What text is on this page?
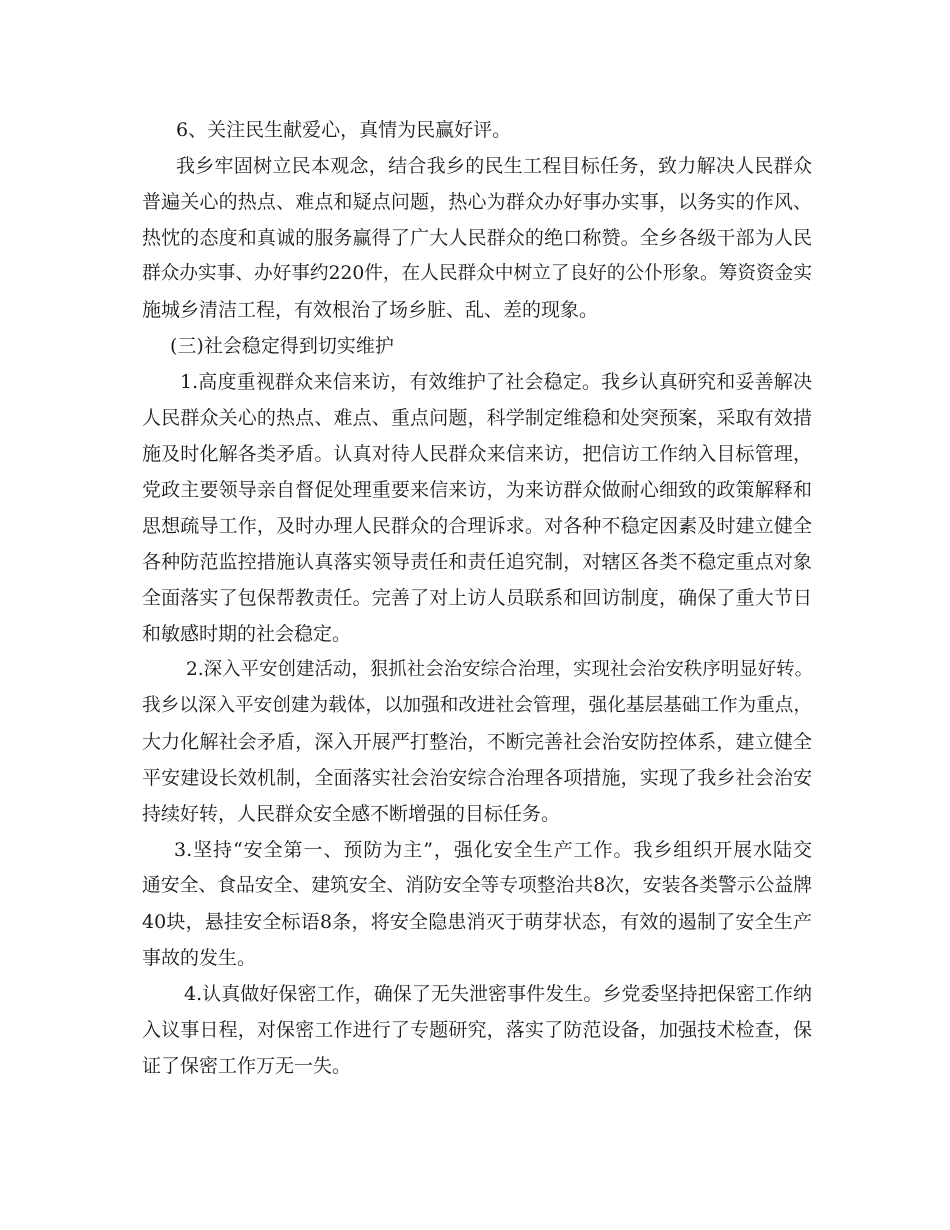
6、关注民生献爱心，真情为民赢好评。
我乡牢固树立民本观念，结合我乡的民生工程目标任务，致力解决人民群众
普遍关心的热点、难点和疑点问题，热心为群众办好事办实事，以务实的作风、
热忱的态度和真诚的服务赢得了广大人民群众的绝口称赞。全乡各级干部为人民
群众办实事、办好事约220件，在人民群众中树立了良好的公仆形象。筹资资金实
施城乡清洁工程，有效根治了场乡脏、乱、差的现象。
(三)社会稳定得到切实维护
1.高度重视群众来信来访，有效维护了社会稳定。我乡认真研究和妥善解决
人民群众关心的热点、难点、重点问题，科学制定维稳和处突预案，采取有效措
施及时化解各类矛盾。认真对待人民群众来信来访，把信访工作纳入目标管理，
党政主要领导亲自督促处理重要来信来访，为来访群众做耐心细致的政策解释和
思想疏导工作，及时办理人民群众的合理诉求。对各种不稳定因素及时建立健全
各种防范监控措施认真落实领导责任和责任追究制，对辖区各类不稳定重点对象
全面落实了包保帮教责任。完善了对上访人员联系和回访制度，确保了重大节日
和敏感时期的社会稳定。
2.深入平安创建活动，狠抓社会治安综合治理，实现社会治安秩序明显好转。
我乡以深入平安创建为载体，以加强和改进社会管理，强化基层基础工作为重点，
大力化解社会矛盾，深入开展严打整治，不断完善社会治安防控体系，建立健全
平安建设长效机制，全面落实社会治安综合治理各项措施，实现了我乡社会治安
持续好转，人民群众安全感不断增强的目标任务。
3.坚持“安全第一、预防为主”，强化安全生产工作。我乡组织开展水陆交
通安全、食品安全、建筑安全、消防安全等专项整治共8次，安装各类警示公益牌
40块，悬挂安全标语8条，将安全隐患消灭于萌芽状态，有效的遏制了安全生产
事故的发生。
4.认真做好保密工作，确保了无失泄密事件发生。乡党委坚持把保密工作纳
入议事日程，对保密工作进行了专题研究，落实了防范设备，加强技术检查，保
证了保密工作万无一失。
